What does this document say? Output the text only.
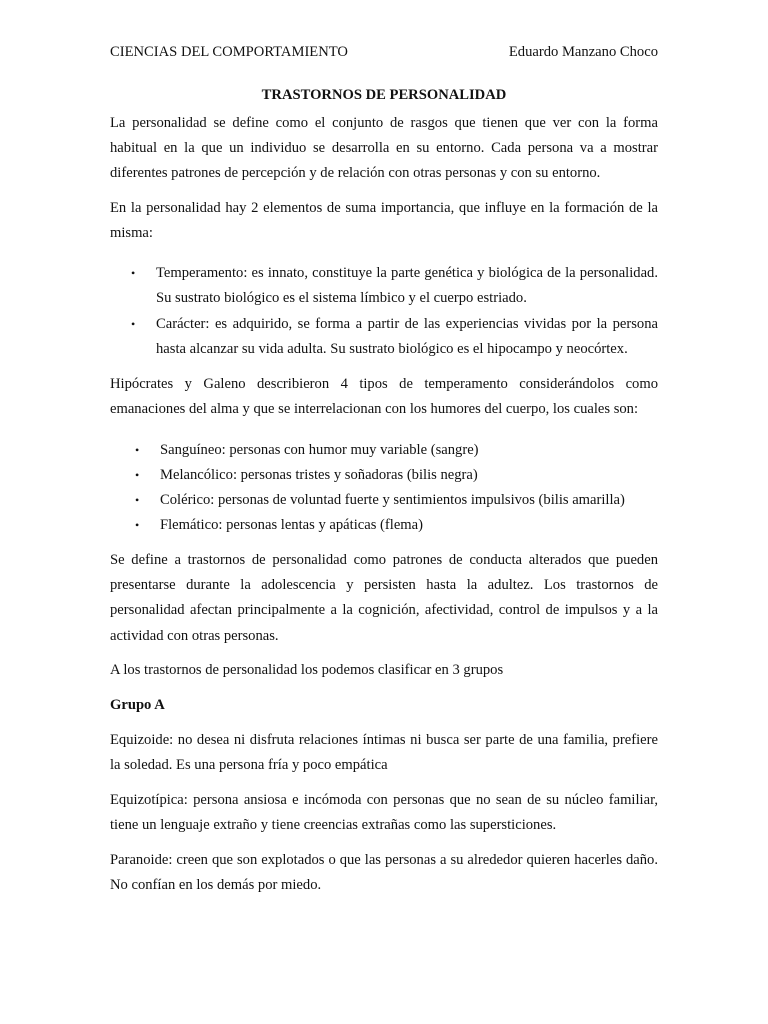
CIENCIAS DEL COMPORTAMIENTO	Eduardo Manzano Choco
TRASTORNOS DE PERSONALIDAD

La personalidad se define como el conjunto de rasgos que tienen que ver con la forma habitual en la que un individuo se desarrolla en su entorno. Cada persona va a mostrar diferentes patrones de percepción y de relación con otras personas y con su entorno.

En la personalidad hay 2 elementos de suma importancia, que influye en la formación de la misma:

• Temperamento: es innato, constituye la parte genética y biológica de la personalidad. Su sustrato biológico es el sistema límbico y el cuerpo estriado.
• Carácter: es adquirido, se forma a partir de las experiencias vividas por la persona hasta alcanzar su vida adulta. Su sustrato biológico es el hipocampo y neocórtex.

Hipócrates y Galeno describieron 4 tipos de temperamento considerándolos como emanaciones del alma y que se interrelacionan con los humores del cuerpo, los cuales son:

• Sanguíneo: personas con humor muy variable (sangre)
• Melancólico: personas tristes y soñadoras (bilis negra)
• Colérico: personas de voluntad fuerte y sentimientos impulsivos (bilis amarilla)
• Flemático: personas lentas y apáticas (flema)

Se define a trastornos de personalidad como patrones de conducta alterados que pueden presentarse durante la adolescencia y persisten hasta la adultez. Los trastornos de personalidad afectan principalmente a la cognición, afectividad, control de impulsos y a la actividad con otras personas.

A los trastornos de personalidad los podemos clasificar en 3 grupos

Grupo A

Equizoide: no desea ni disfruta relaciones íntimas ni busca ser parte de una familia, prefiere la soledad. Es una persona fría y poco empática

Equizotípica: persona ansiosa e incómoda con personas que no sean de su núcleo familiar, tiene un lenguaje extraño y tiene creencias extrañas como las supersticiones.

Paranoide: creen que son explotados o que las personas a su alrededor quieren hacerles daño. No confían en los demás por miedo.
